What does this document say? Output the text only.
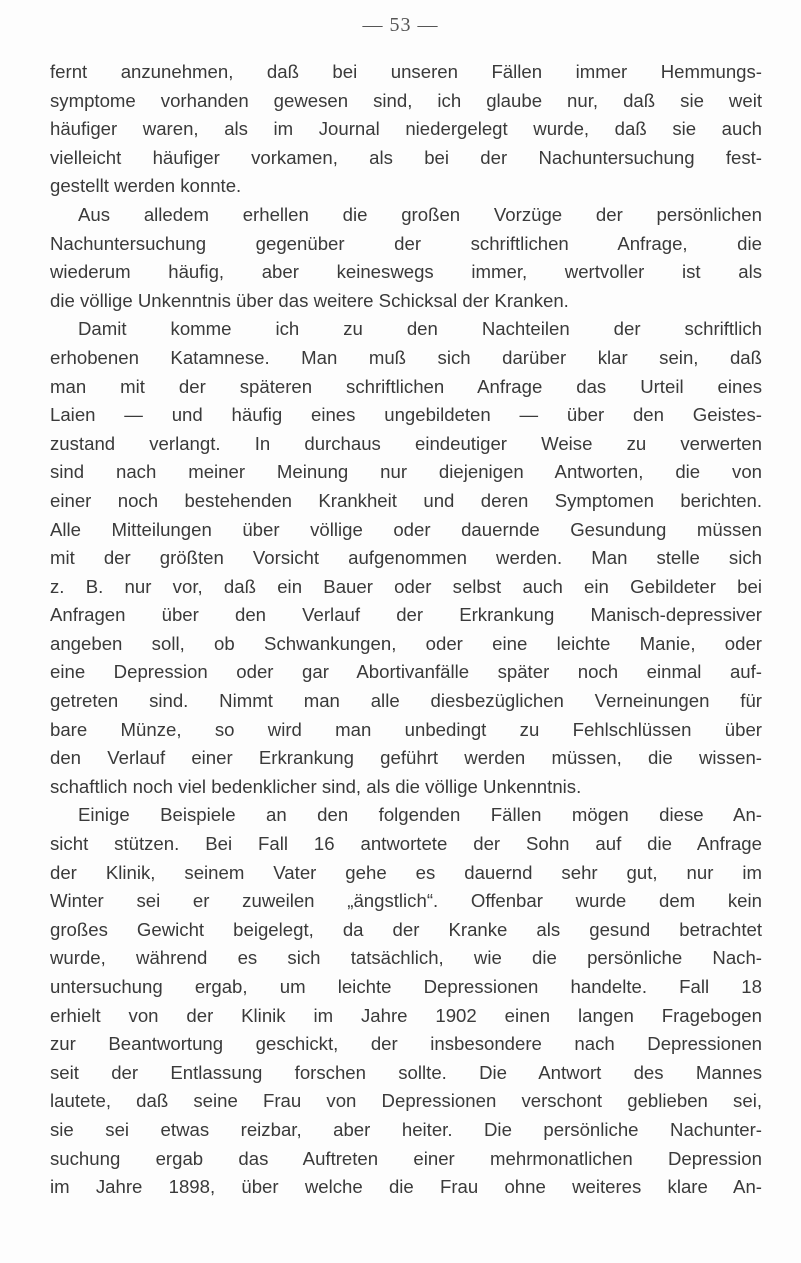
— 53 —

fernt anzunehmen, daß bei unseren Fällen immer Hemmungs-
symptome vorhanden gewesen sind, ich glaube nur, daß sie weit
häufiger waren, als im Journal niedergelegt wurde, daß sie auch
vielleicht häufiger vorkamen, als bei der Nachuntersuchung fest-
gestellt werden konnte.

Aus alledem erhellen die großen Vorzüge der persönlichen
Nachuntersuchung gegenüber der schriftlichen Anfrage, die
wiederum häufig, aber keineswegs immer, wertvoller ist als
die völlige Unkenntnis über das weitere Schicksal der Kranken.

Damit komme ich zu den Nachteilen der schriftlich
erhobenen Katamnese. Man muß sich darüber klar sein, daß
man mit der späteren schriftlichen Anfrage das Urteil eines
Laien — und häufig eines ungebildeten — über den Geistes-
zustand verlangt. In durchaus eindeutiger Weise zu verwerten
sind nach meiner Meinung nur diejenigen Antworten, die von
einer noch bestehenden Krankheit und deren Symptomen berichten.
Alle Mitteilungen über völlige oder dauernde Gesundung müssen
mit der größten Vorsicht aufgenommen werden. Man stelle sich
z. B. nur vor, daß ein Bauer oder selbst auch ein Gebildeter bei
Anfragen über den Verlauf der Erkrankung Manisch-depressiver
angeben soll, ob Schwankungen, oder eine leichte Manie, oder
eine Depression oder gar Abortivanfälle später noch einmal auf-
getreten sind. Nimmt man alle diesbezüglichen Verneinungen für
bare Münze, so wird man unbedingt zu Fehlschlüssen über
den Verlauf einer Erkrankung geführt werden müssen, die wissen-
schaftlich noch viel bedenklicher sind, als die völlige Unkenntnis.

Einige Beispiele an den folgenden Fällen mögen diese An-
sicht stützen. Bei Fall 16 antwortete der Sohn auf die Anfrage
der Klinik, seinem Vater gehe es dauernd sehr gut, nur im
Winter sei er zuweilen „ängstlich“. Offenbar wurde dem kein
großes Gewicht beigelegt, da der Kranke als gesund betrachtet
wurde, während es sich tatsächlich, wie die persönliche Nach-
untersuchung ergab, um leichte Depressionen handelte. Fall 18
erhielt von der Klinik im Jahre 1902 einen langen Fragebogen
zur Beantwortung geschickt, der insbesondere nach Depressionen
seit der Entlassung forschen sollte. Die Antwort des Mannes
lautete, daß seine Frau von Depressionen verschont geblieben sei,
sie sei etwas reizbar, aber heiter. Die persönliche Nachunter-
suchung ergab das Auftreten einer mehrmonatlichen Depression
im Jahre 1898, über welche die Frau ohne weiteres klare An-
